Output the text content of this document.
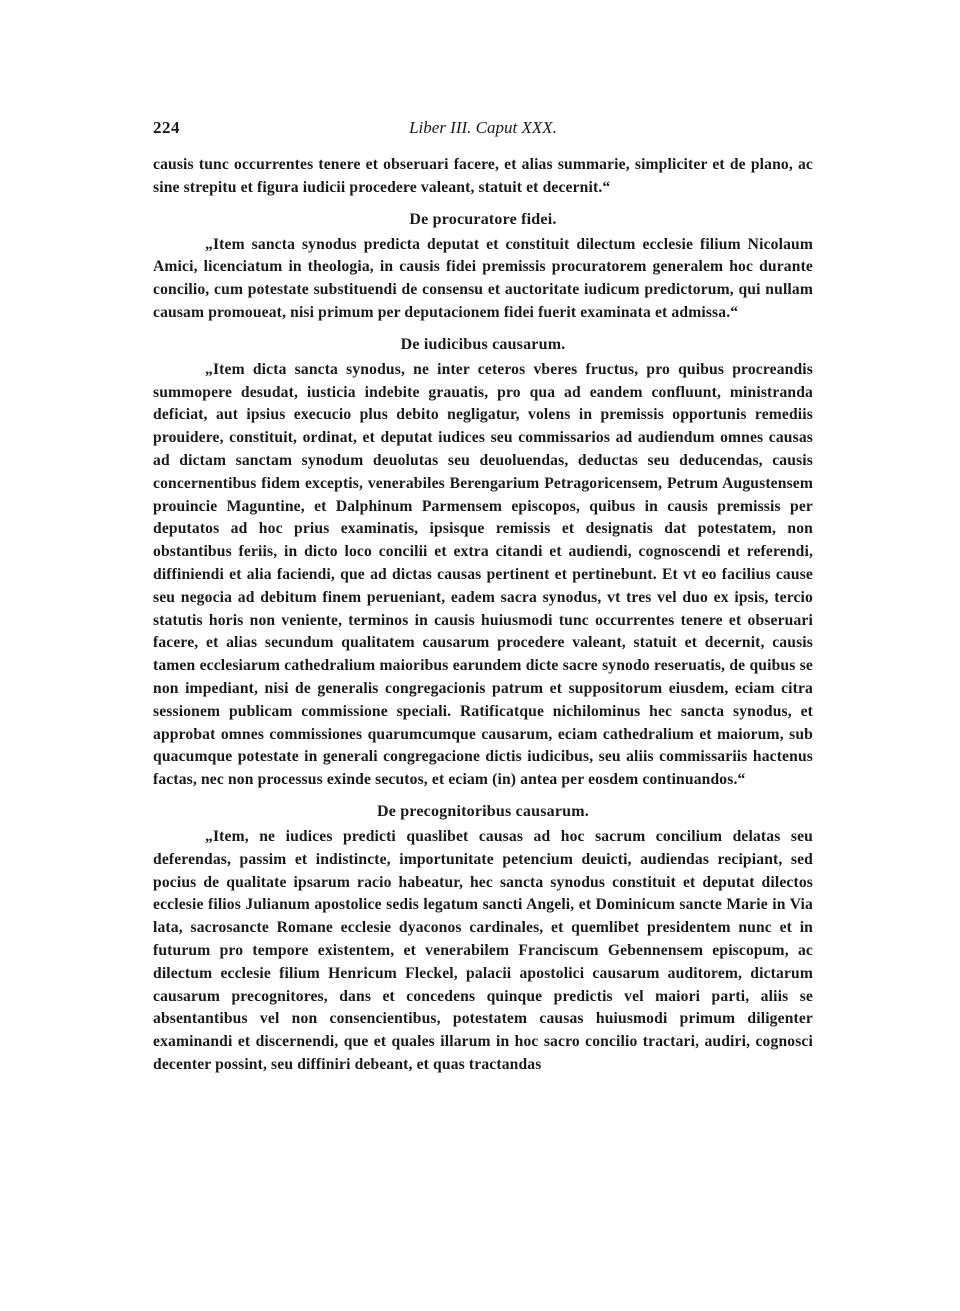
224	Liber III. Caput XXX.

causis tunc occurrentes tenere et obseruari facere, et alias summarie, simpliciter et de plano, ac sine strepitu et figura iudicii procedere valeant, statuit et decernit.“

De procuratore fidei.

„Item sancta synodus predicta deputat et constituit dilectum ecclesie filium Nicolaum Amici, licenciatum in theologia, in causis fidei premissis procuratorem generalem hoc durante concilio, cum potestate substituendi de consensu et auctoritate iudicum predictorum, qui nullam causam promoueat, nisi primum per deputacionem fidei fuerit examinata et admissa.“

De iudicibus causarum.

„Item dicta sancta synodus, ne inter ceteros vberes fructus, pro quibus procreandis summopere desudat, iusticia indebite grauatis, pro qua ad eandem confluunt, ministranda deficiat, aut ipsius execucio plus debito negligatur, volens in premissis opportunis remediis prouidere, constituit, ordinat, et deputat iudices seu commissarios ad audiendum omnes causas ad dictam sanctam synodum deuolutas seu deuoluendas, deductas seu deducendas, causis concernentibus fidem exceptis, venerabiles Berengarium Petragoricensem, Petrum Augustensem prouincie Maguntine, et Dalphinum Parmensem episcopos, quibus in causis premissis per deputatos ad hoc prius examinatis, ipsisque remissis et designatis dat potestatem, non obstantibus feriis, in dicto loco concilii et extra citandi et audiendi, cognoscendi et referendi, diffiniendi et alia faciendi, que ad dictas causas pertinent et pertinebunt. Et vt eo facilius cause seu negocia ad debitum finem perueniant, eadem sacra synodus, vt tres vel duo ex ipsis, tercio statutis horis non veniente, terminos in causis huiusmodi tunc occurrentes tenere et obseruari facere, et alias secundum qualitatem causarum procedere valeant, statuit et decernit, causis tamen ecclesiarum cathedralium maioribus earundem dicte sacre synodo reseruatis, de quibus se non impediant, nisi de generalis congregacionis patrum et suppositorum eiusdem, eciam citra sessionem publicam commissione speciali. Ratificatque nichilominus hec sancta synodus, et approbat omnes commissiones quarumcumque causarum, eciam cathedralium et maiorum, sub quacumque potestate in generali congregacione dictis iudicibus, seu aliis commissariis hactenus factas, nec non processus exinde secutos, et eciam (in) antea per eosdem continuandos.“

De precognitoribus causarum.

„Item, ne iudices predicti quaslibet causas ad hoc sacrum concilium delatas seu deferendas, passim et indistincte, importunitate petencium deuicti, audiendas recipiant, sed pocius de qualitate ipsarum racio habeatur, hec sancta synodus constituit et deputat dilectos ecclesie filios Julianum apostolice sedis legatum sancti Angeli, et Dominicum sancte Marie in Via lata, sacrosancte Romane ecclesie dyaconos cardinales, et quemlibet presidentem nunc et in futurum pro tempore existentem, et venerabilem Franciscum Gebennensem episcopum, ac dilectum ecclesie filium Henricum Fleckel, palacii apostolici causarum auditorem, dictarum causarum precognitores, dans et concedens quinque predictis vel maiori parti, aliis se absentantibus vel non consencientibus, potestatem causas huiusmodi primum diligenter examinandi et discernendi, que et quales illarum in hoc sacro concilio tractari, audiri, cognosci decenter possint, seu diffiniri debeant, et quas tractandas
